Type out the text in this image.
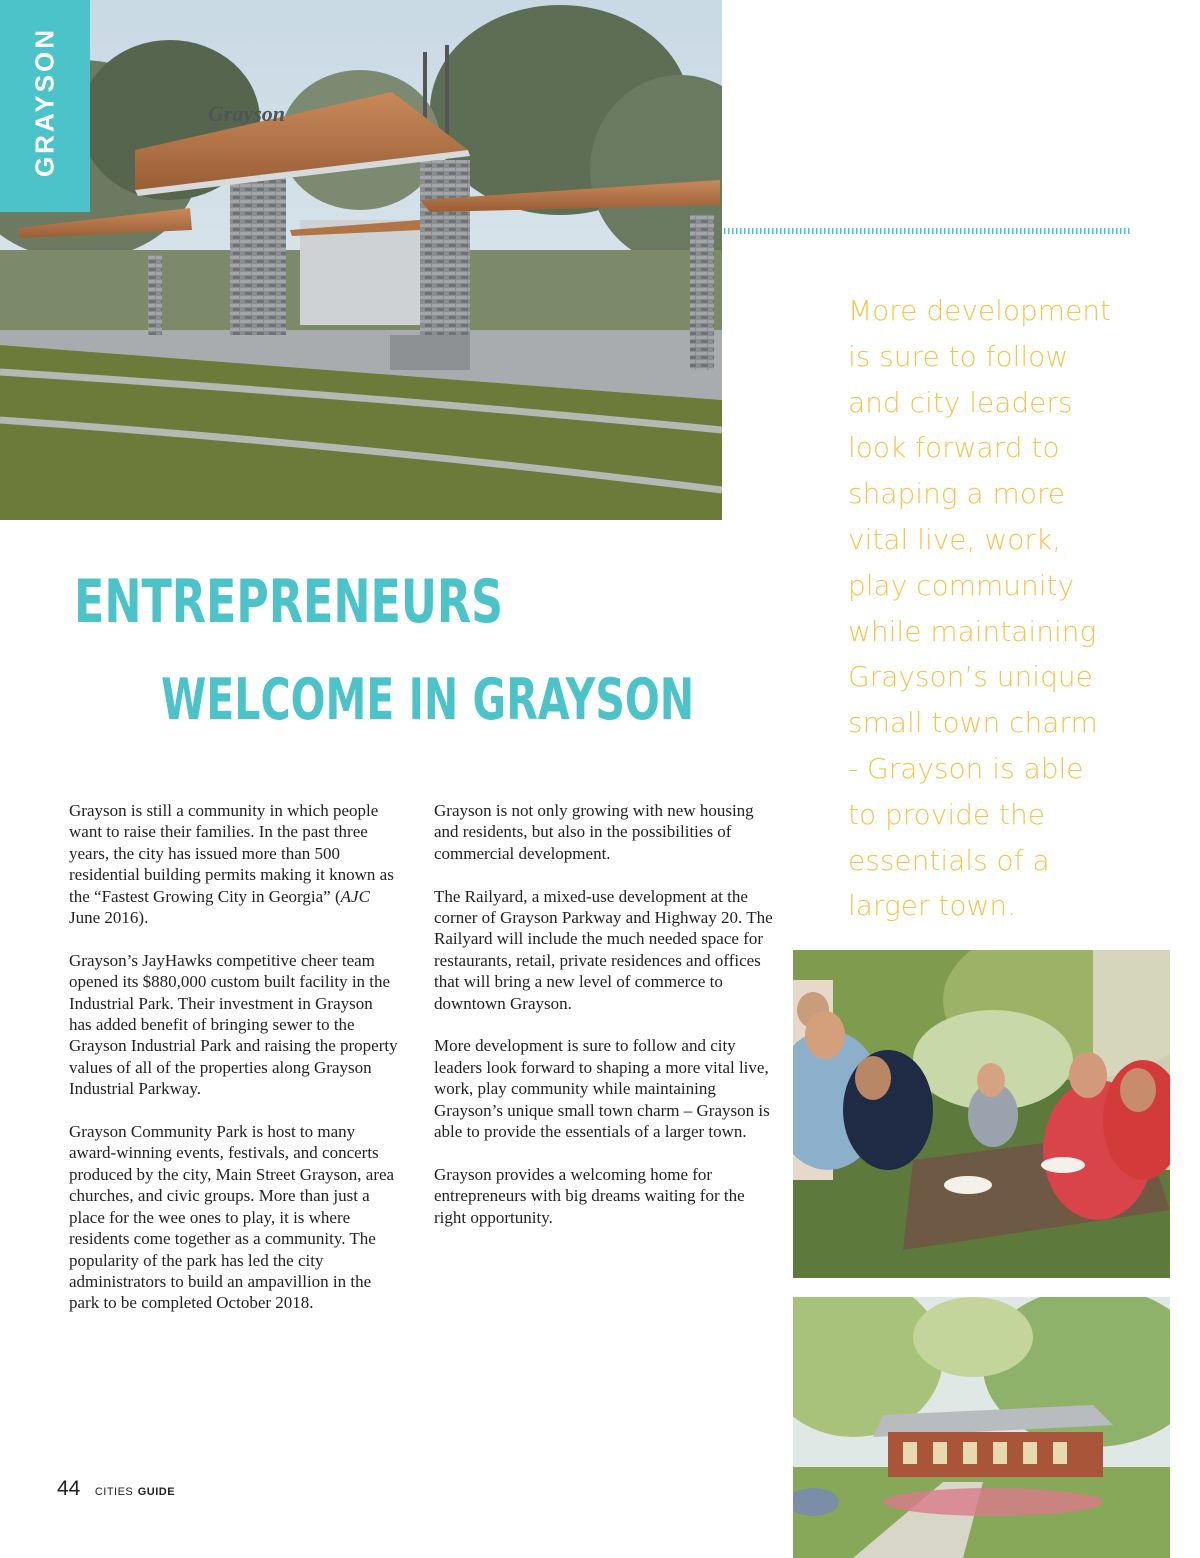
Grayson
GRAYSON
More development
is sure to follow
and city leaders
look forward to
shaping a more
vital live, work,
play community
while maintaining
Grayson’s unique
small town charm
- Grayson is able
to provide the
essentials of a
larger town.
ENTREPRENEURS
WELCOME IN GRAYSON

Grayson is still a community in which people want to raise their families. In the past three years, the city has issued more than 500 residential building permits making it known as the “Fastest Growing City in Georgia” (AJC June 2016).

Grayson’s JayHawks competitive cheer team opened its $880,000 custom built facility in the Industrial Park. Their investment in Grayson has added benefit of bringing sewer to the Grayson Industrial Park and raising the property values of all of the properties along Grayson Industrial Parkway.

Grayson Community Park is host to many award-winning events, festivals, and concerts produced by the city, Main Street Grayson, area churches, and civic groups. More than just a place for the wee ones to play, it is where residents come together as a community. The popularity of the park has led the city administrators to build an ampavillion in the park to be completed October 2018.

Grayson is not only growing with new housing and residents, but also in the possibilities of commercial development.

The Railyard, a mixed-use development at the corner of Grayson Parkway and Highway 20. The Railyard will include the much needed space for restaurants, retail, private residences and offices that will bring a new level of commerce to downtown Grayson.

More development is sure to follow and city leaders look forward to shaping a more vital live, work, play community while maintaining Grayson’s unique small town charm – Grayson is able to provide the essentials of a larger town.

Grayson provides a welcoming home for entrepreneurs with big dreams waiting for the right opportunity.

44 CITIES GUIDE
